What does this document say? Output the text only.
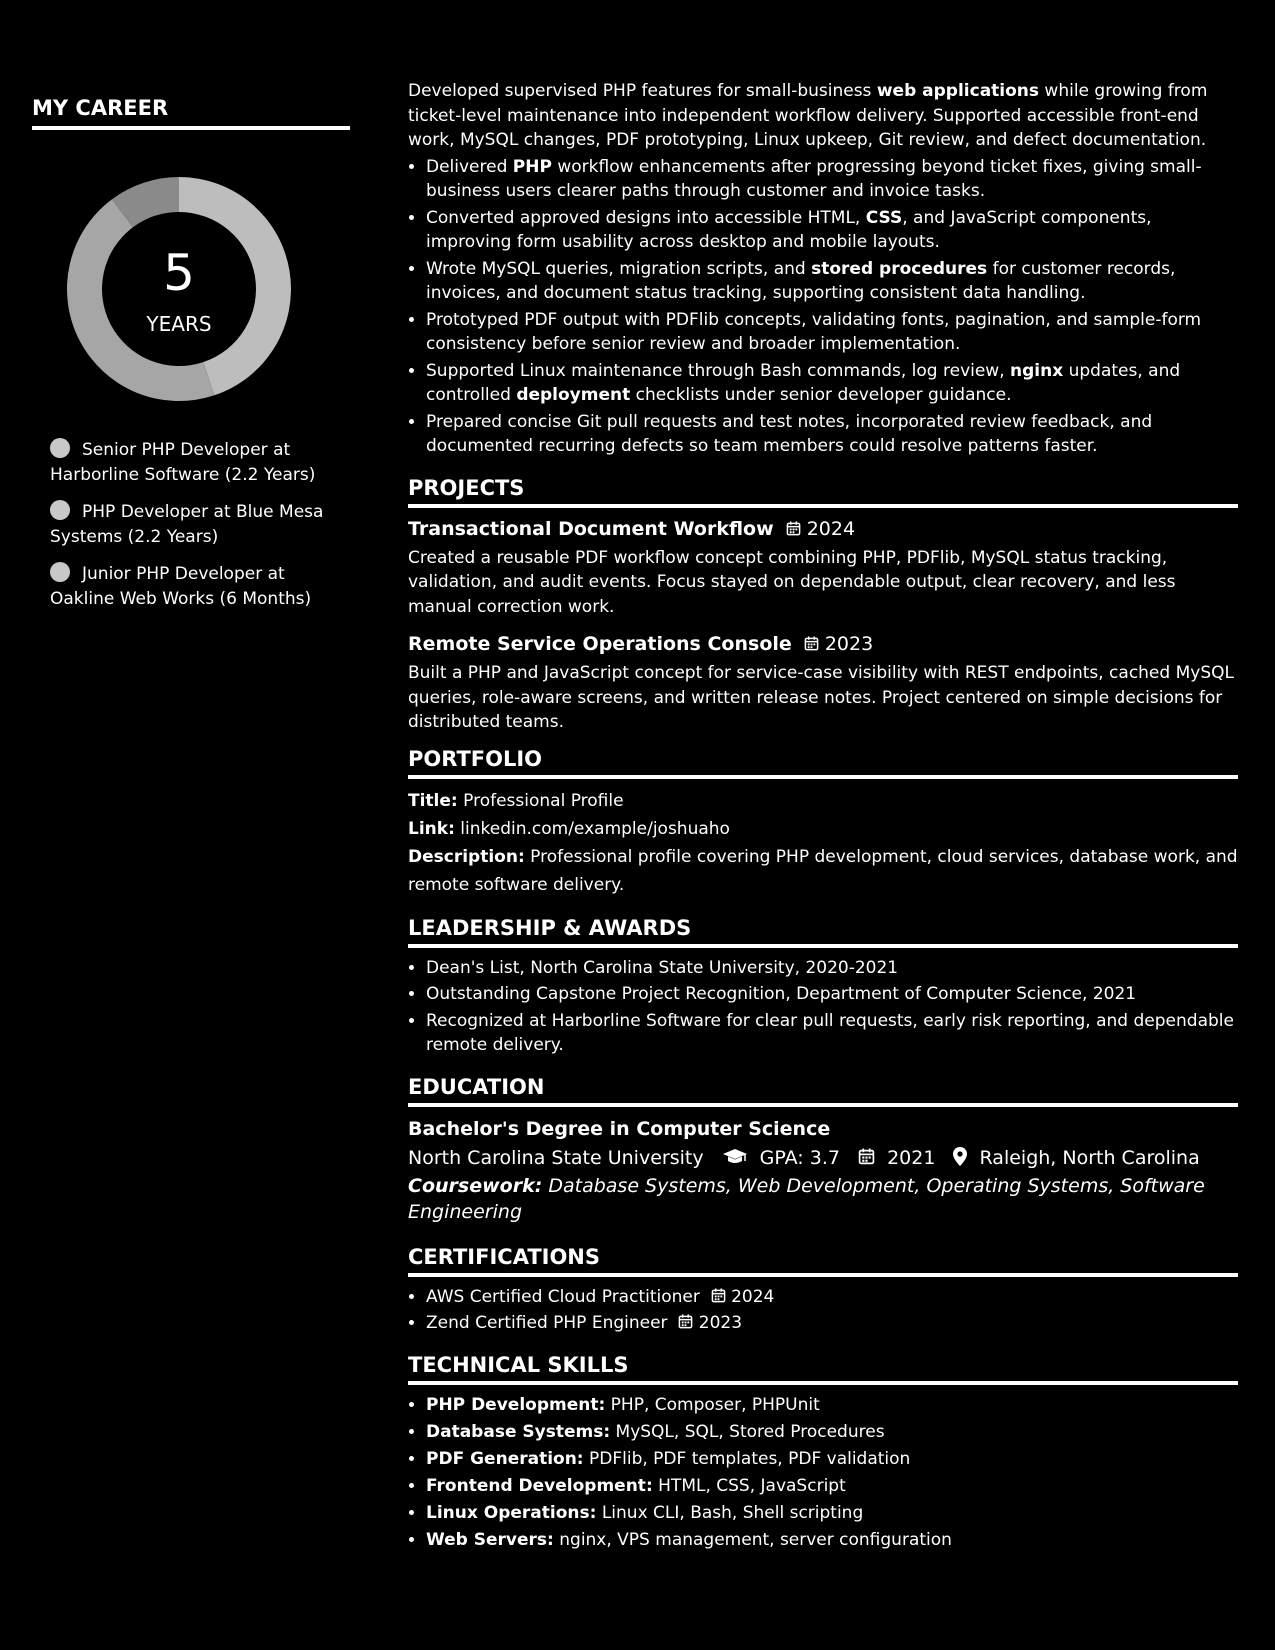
MY CAREER
5
YEARS
Senior PHP Developer at Harborline Software (2.2 Years)
PHP Developer at Blue Mesa Systems (2.2 Years)
Junior PHP Developer at Oakline Web Works (6 Months)

Developed supervised PHP features for small-business web applications while growing from ticket-level maintenance into independent workflow delivery. Supported accessible front-end work, MySQL changes, PDF prototyping, Linux upkeep, Git review, and defect documentation.

• Delivered PHP workflow enhancements after progressing beyond ticket fixes, giving small-business users clearer paths through customer and invoice tasks.
• Converted approved designs into accessible HTML, CSS, and JavaScript components, improving form usability across desktop and mobile layouts.
• Wrote MySQL queries, migration scripts, and stored procedures for customer records, invoices, and document status tracking, supporting consistent data handling.
• Prototyped PDF output with PDFlib concepts, validating fonts, pagination, and sample-form consistency before senior review and broader implementation.
• Supported Linux maintenance through Bash commands, log review, nginx updates, and controlled deployment checklists under senior developer guidance.
• Prepared concise Git pull requests and test notes, incorporated review feedback, and documented recurring defects so team members could resolve patterns faster.
PROJECTS
Transactional Document Workflow 2024

Created a reusable PDF workflow concept combining PHP, PDFlib, MySQL status tracking, validation, and audit events. Focus stayed on dependable output, clear recovery, and less manual correction work.

Remote Service Operations Console 2023

Built a PHP and JavaScript concept for service-case visibility with REST endpoints, cached MySQL queries, role-aware screens, and written release notes. Project centered on simple decisions for distributed teams.

PORTFOLIO
Title: Professional Profile
Link: linkedin.com/example/joshuaho
Description: Professional profile covering PHP development, cloud services, database work, and remote software delivery.
LEADERSHIP & AWARDS
• Dean's List, North Carolina State University, 2020-2021
• Outstanding Capstone Project Recognition, Department of Computer Science, 2021
• Recognized at Harborline Software for clear pull requests, early risk reporting, and dependable remote delivery.
EDUCATION
Bachelor's Degree in Computer Science
North Carolina State University	GPA: 3.7 2021 Raleigh, North Carolina
Coursework: Database Systems, Web Development, Operating Systems, Software Engineering
CERTIFICATIONS
• AWS Certified Cloud Practitioner 2024
• Zend Certified PHP Engineer 2023
TECHNICAL SKILLS
• PHP Development: PHP, Composer, PHPUnit
• Database Systems: MySQL, SQL, Stored Procedures
• PDF Generation: PDFlib, PDF templates, PDF validation
• Frontend Development: HTML, CSS, JavaScript
• Linux Operations: Linux CLI, Bash, Shell scripting
• Web Servers: nginx, VPS management, server configuration
